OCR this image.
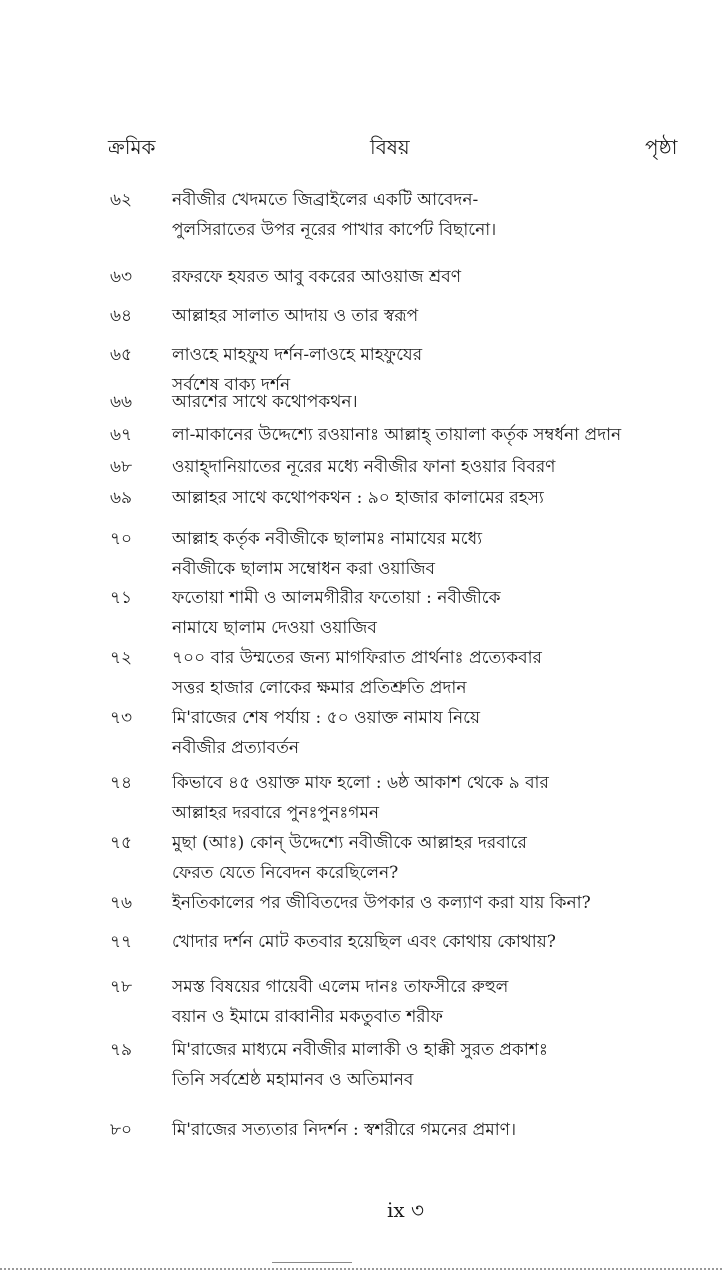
ক্রমিক	বিষয়	পৃষ্ঠা
৬২ নবীজীর খেদমতে জিব্রাইলের একটি আবেদন-
পুলসিরাতের উপর নূরের পাখার কার্পেট বিছানো।
৬৩ রফরফে হযরত আবু বকরের আওয়াজ শ্রবণ
৬৪ আল্লাহর সালাত আদায় ও তার স্বরূপ
৬৫ লাওহে মাহফুয দর্শন-লাওহে মাহফুযের
সর্বশেষ বাক্য দর্শন
৬৬ আরশের সাথে কথোপকথন।
৬৭ লা-মাকানের উদ্দেশ্যে রওয়ানাঃ আল্লাহ্ তায়ালা কর্তৃক সম্বর্ধনা প্রদান
৬৮ ওয়াহ্‌দানিয়াতের নূরের মধ্যে নবীজীর ফানা হওয়ার বিবরণ
৬৯ আল্লাহর সাথে কথোপকথন : ৯০ হাজার কালামের রহস্য
৭০ আল্লাহ কর্তৃক নবীজীকে ছালামঃ নামাযের মধ্যে
নবীজীকে ছালাম সম্বোধন করা ওয়াজিব
৭১ ফতোয়া শামী ও আলমগীরীর ফতোয়া : নবীজীকে
নামাযে ছালাম দেওয়া ওয়াজিব
৭২ ৭০০ বার উম্মতের জন্য মাগফিরাত প্রার্থনাঃ প্রত্যেকবার
সত্তর হাজার লোকের ক্ষমার প্রতিশ্রুতি প্রদান
৭৩ মি'রাজের শেষ পর্যায় : ৫০ ওয়াক্ত নামায নিয়ে
নবীজীর প্রত্যাবর্তন
৭৪ কিভাবে ৪৫ ওয়াক্ত মাফ হলো : ৬ষ্ঠ আকাশ থেকে ৯ বার
আল্লাহর দরবারে পুনঃপুনঃগমন
৭৫ মুছা (আঃ) কোন্ উদ্দেশ্যে নবীজীকে আল্লাহর দরবারে
ফেরত যেতে নিবেদন করেছিলেন?
৭৬ ইনতিকালের পর জীবিতদের উপকার ও কল্যাণ করা যায় কিনা?
৭৭ খোদার দর্শন মোট কতবার হয়েছিল এবং কোথায় কোথায়?
৭৮ সমস্ত বিষয়ের গায়েবী এলেম দানঃ তাফসীরে রুহুল
বয়ান ও ইমামে রাব্বানীর মকতুবাত শরীফ
৭৯ মি'রাজের মাধ্যমে নবীজীর মালাকী ও হাক্কী সুরত প্রকাশঃ
তিনি সর্বশ্রেষ্ঠ মহামানব ও অতিমানব
৮০ মি'রাজের সত্যতার নিদর্শন : স্বশরীরে গমনের প্রমাণ।
ix ৩
